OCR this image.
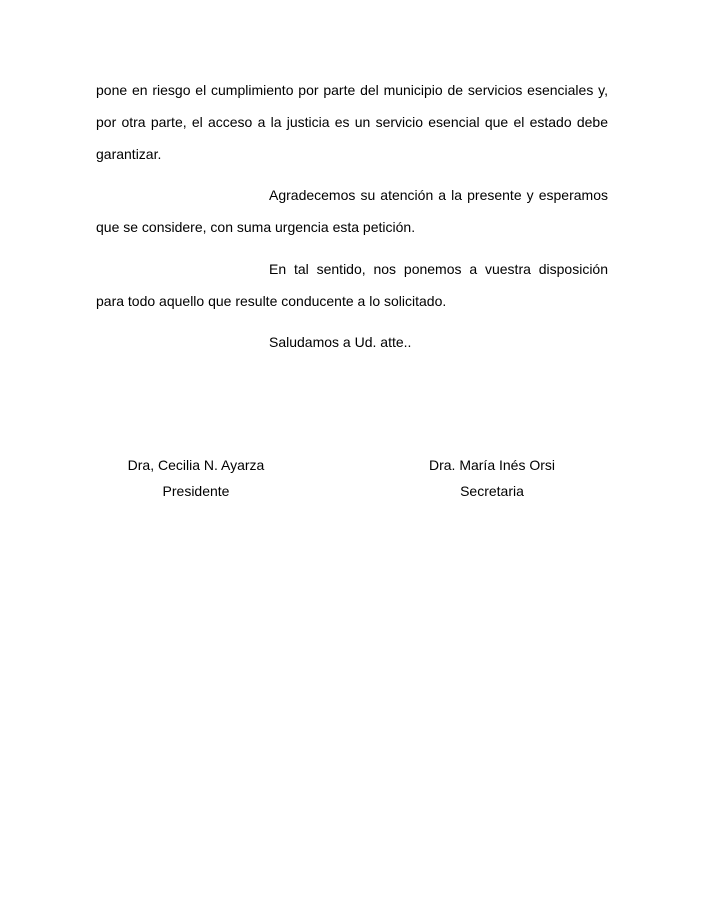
pone en riesgo el cumplimiento por parte del municipio de servicios esenciales y, por otra parte, el acceso a la justicia es un servicio esencial que el estado debe garantizar.

Agradecemos su atención a la presente y esperamos que se considere, con suma urgencia esta petición.

En tal sentido, nos ponemos a vuestra disposición para todo aquello que resulte conducente a lo solicitado.

Saludamos a Ud. atte..

Dra, Cecilia N. Ayarza
Presidente
Dra. María Inés Orsi
Secretaria
